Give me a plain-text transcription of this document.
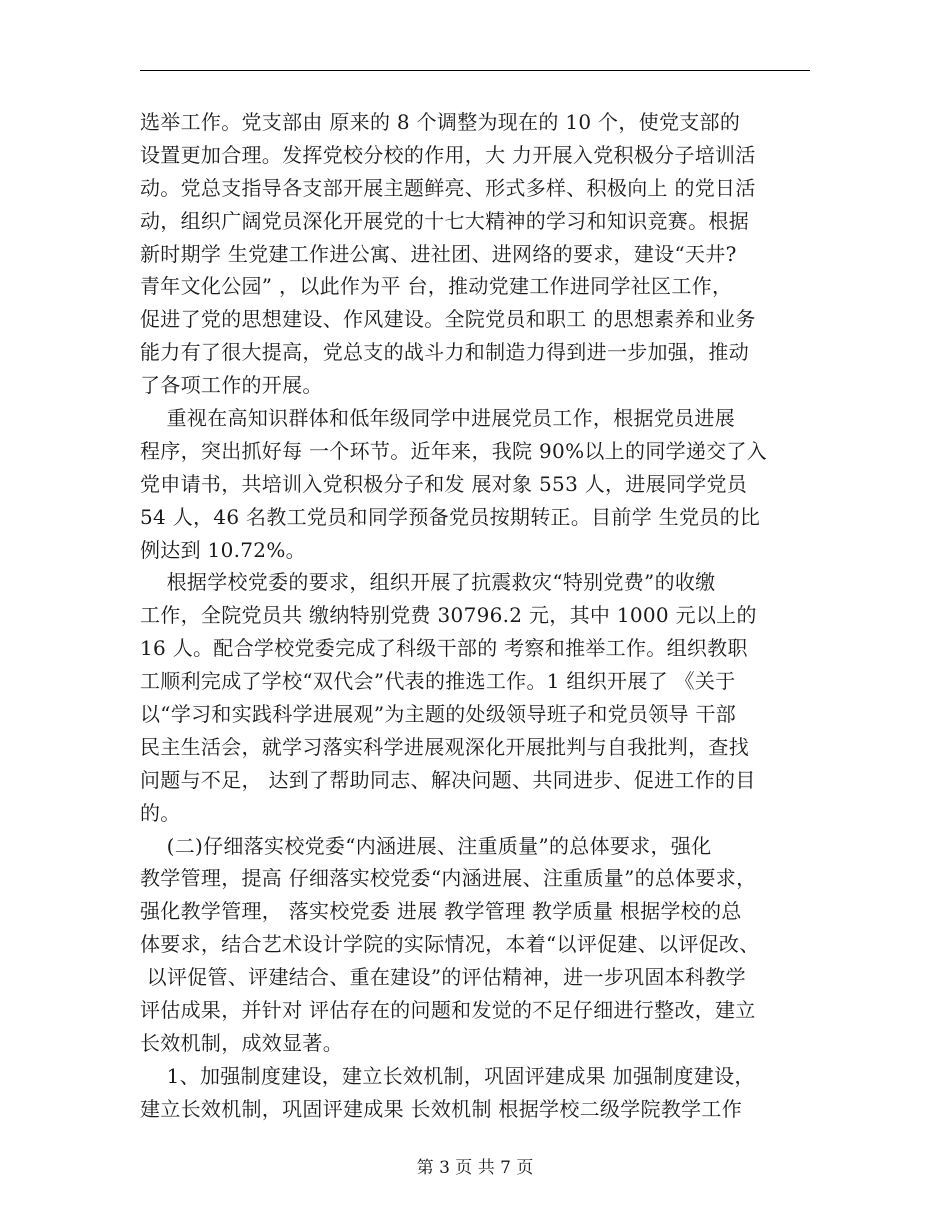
选举工作。党支部由 原来的 8 个调整为现在的 10 个，使党支部的
设置更加合理。发挥党校分校的作用，大 力开展入党积极分子培训活
动。党总支指导各支部开展主题鲜亮、形式多样、积极向上 的党日活
动，组织广阔党员深化开展党的十七大精神的学习和知识竞赛。根据
新时期学 生党建工作进公寓、进社团、进网络的要求，建设“天井?
青年文化公园” ，以此作为平 台，推动党建工作进同学社区工作，
促进了党的思想建设、作风建设。全院党员和职工 的思想素养和业务
能力有了很大提高，党总支的战斗力和制造力得到进一步加强，推动
了各项工作的开展。
重视在高知识群体和低年级同学中进展党员工作，根据党员进展
程序，突出抓好每 一个环节。近年来，我院 90%以上的同学递交了入
党申请书，共培训入党积极分子和发 展对象 553 人，进展同学党员
54 人，46 名教工党员和同学预备党员按期转正。目前学 生党员的比
例达到 10.72%。
根据学校党委的要求，组织开展了抗震救灾“特别党费”的收缴
工作，全院党员共 缴纳特别党费 30796.2 元，其中 1000 元以上的
16 人。配合学校党委完成了科级干部的 考察和推举工作。组织教职
工顺利完成了学校“双代会”代表的推选工作。1 组织开展了 《关于
以“学习和实践科学进展观”为主题的处级领导班子和党员领导 干部
民主生活会，就学习落实科学进展观深化开展批判与自我批判，查找
问题与不足， 达到了帮助同志、解决问题、共同进步、促进工作的目
的。
(二)仔细落实校党委“内涵进展、注重质量”的总体要求，强化
教学管理，提高 仔细落实校党委“内涵进展、注重质量”的总体要求，
强化教学管理， 落实校党委 进展 教学管理 教学质量 根据学校的总
体要求，结合艺术设计学院的实际情况，本着“以评促建、以评促改、
以评促管、评建结合、重在建设”的评估精神，进一步巩固本科教学
评估成果，并针对 评估存在的问题和发觉的不足仔细进行整改，建立
长效机制，成效显著。
1、加强制度建设，建立长效机制，巩固评建成果 加强制度建设，
建立长效机制，巩固评建成果 长效机制 根据学校二级学院教学工作
第 3 页 共 7 页
